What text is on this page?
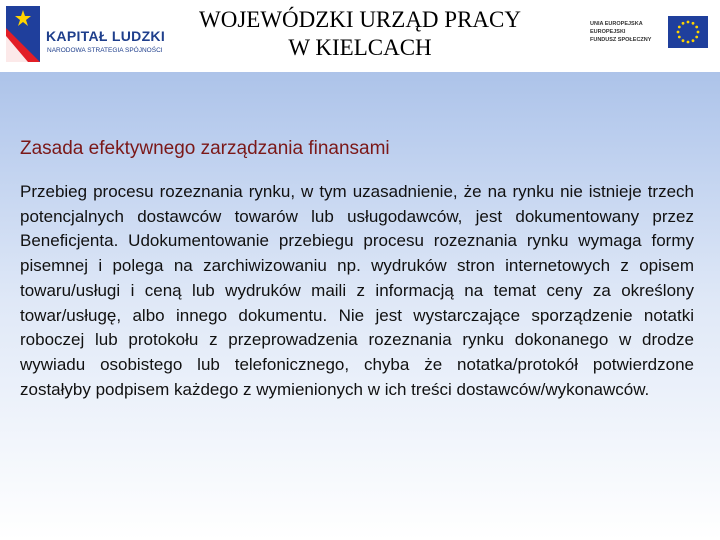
KAPITAŁ LUDZKI
NARODOWA STRATEGIA SPÓJNOŚCI
WOJEWÓDZKI URZĄD PRACY
W KIELCACH
UNIA EUROPEJSKA
EUROPEJSKI
FUNDUSZ SPOŁECZNY
Zasada efektywnego zarządzania finansami

Przebieg procesu rozeznania rynku, w tym uzasadnienie, że na rynku nie istnieje trzech potencjalnych dostawców towarów lub usługodawców, jest dokumentowany przez Beneficjenta. Udokumentowanie przebiegu procesu rozeznania rynku wymaga formy pisemnej i polega na zarchiwizowaniu np. wydruków stron internetowych z opisem towaru/usługi i ceną lub wydruków maili z informacją na temat ceny za określony towar/usługę, albo innego dokumentu. Nie jest wystarczające sporządzenie notatki roboczej lub protokołu z przeprowadzenia rozeznania rynku dokonanego w drodze wywiadu osobistego lub telefonicznego, chyba że notatka/protokół potwierdzone zostałyby podpisem każdego z wymienionych w ich treści dostawców/wykonawców.
